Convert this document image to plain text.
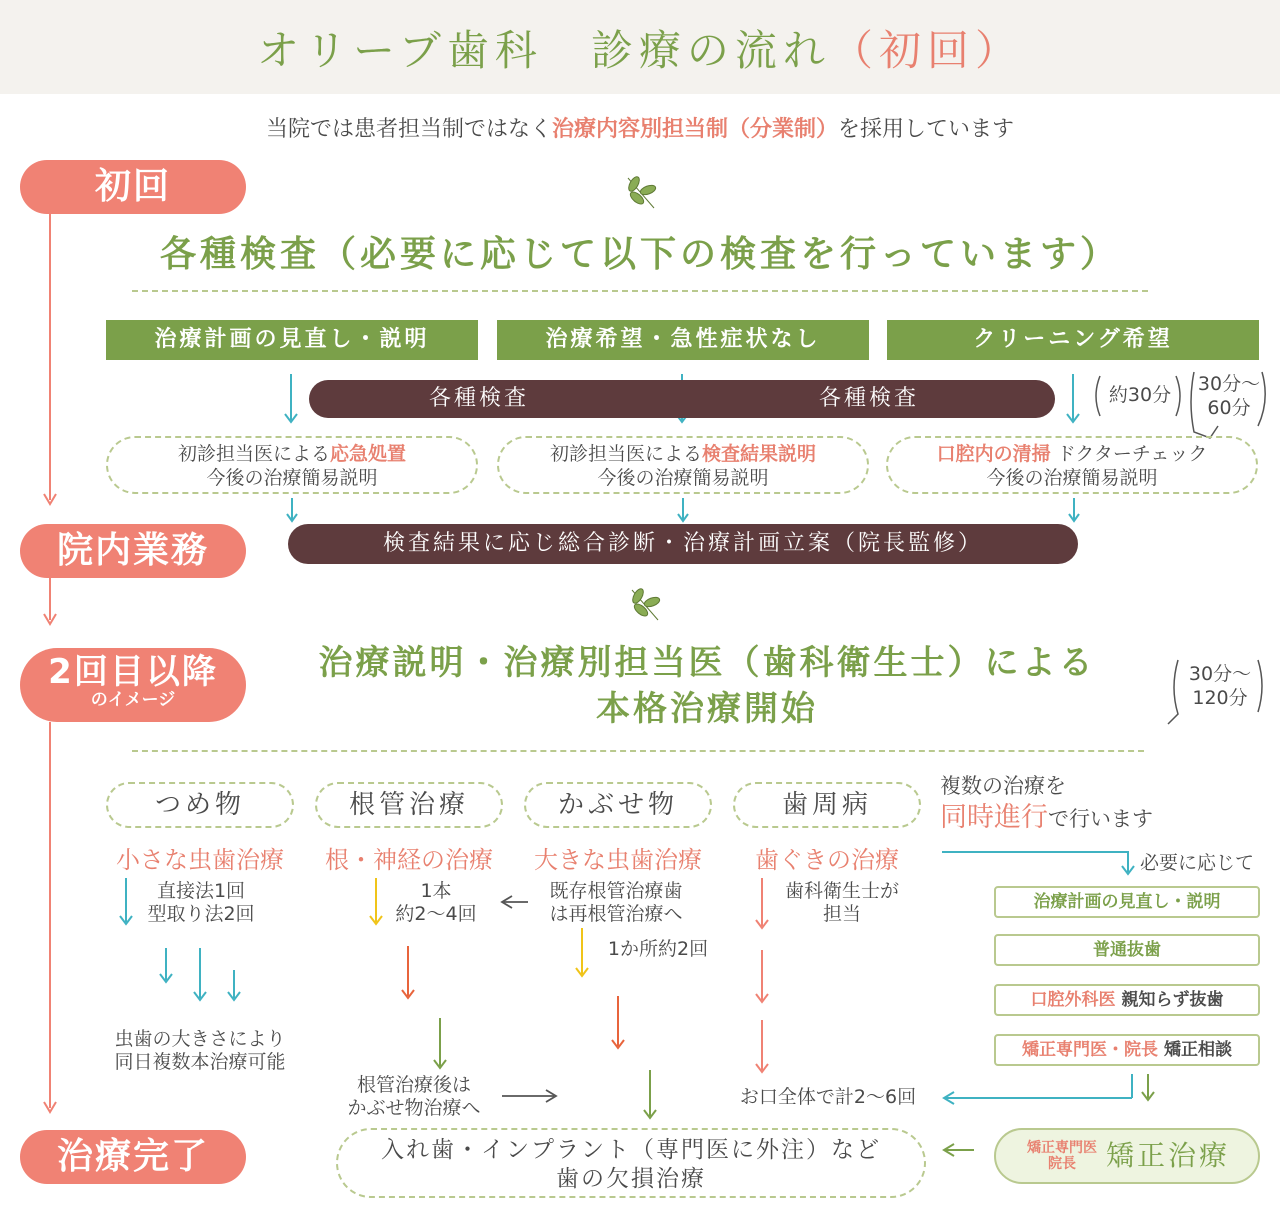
オリーブ歯科　診療の流れ（初回）
当院では患者担当制ではなく治療内容別担当制（分業制）を採用しています
初回
院内業務
2回目以降
のイメージ
治療完了
各種検査（必要に応じて以下の検査を行っています）
治療計画の見直し・説明	治療希望・急性症状なし	クリーニング希望
各種検査	各種検査	約30分 30分〜
60分
初診担当医による応急処置
今後の治療簡易説明
初診担当医による検査結果説明
今後の治療簡易説明
口腔内の清掃 ドクターチェック
今後の治療簡易説明
検査結果に応じ総合診断・治療計画立案（院長監修）
治療説明・治療別担当医（歯科衛生士）による
本格治療開始
30分〜
120分
つめ物	根管治療	かぶせ物	歯周病
小さな虫歯治療	根・神経の治療	大きな虫歯治療	歯ぐきの治療
直接法1回
型取り法2回
1本
約2〜4回
既存根管治療歯
は再根管治療へ
1か所約2回
歯科衛生士が
担当
虫歯の大きさにより
同日複数本治療可能
根管治療後は
かぶせ物治療へ	お口全体で計2〜6回
複数の治療を
同時進行で行います
必要に応じて
治療計画の見直し・説明
普通抜歯
口腔外科医 親知らず抜歯
矯正専門医・院長 矯正相談
入れ歯・インプラント（専門医に外注）など
歯の欠損治療
矯正専門医
院長	矯正治療
